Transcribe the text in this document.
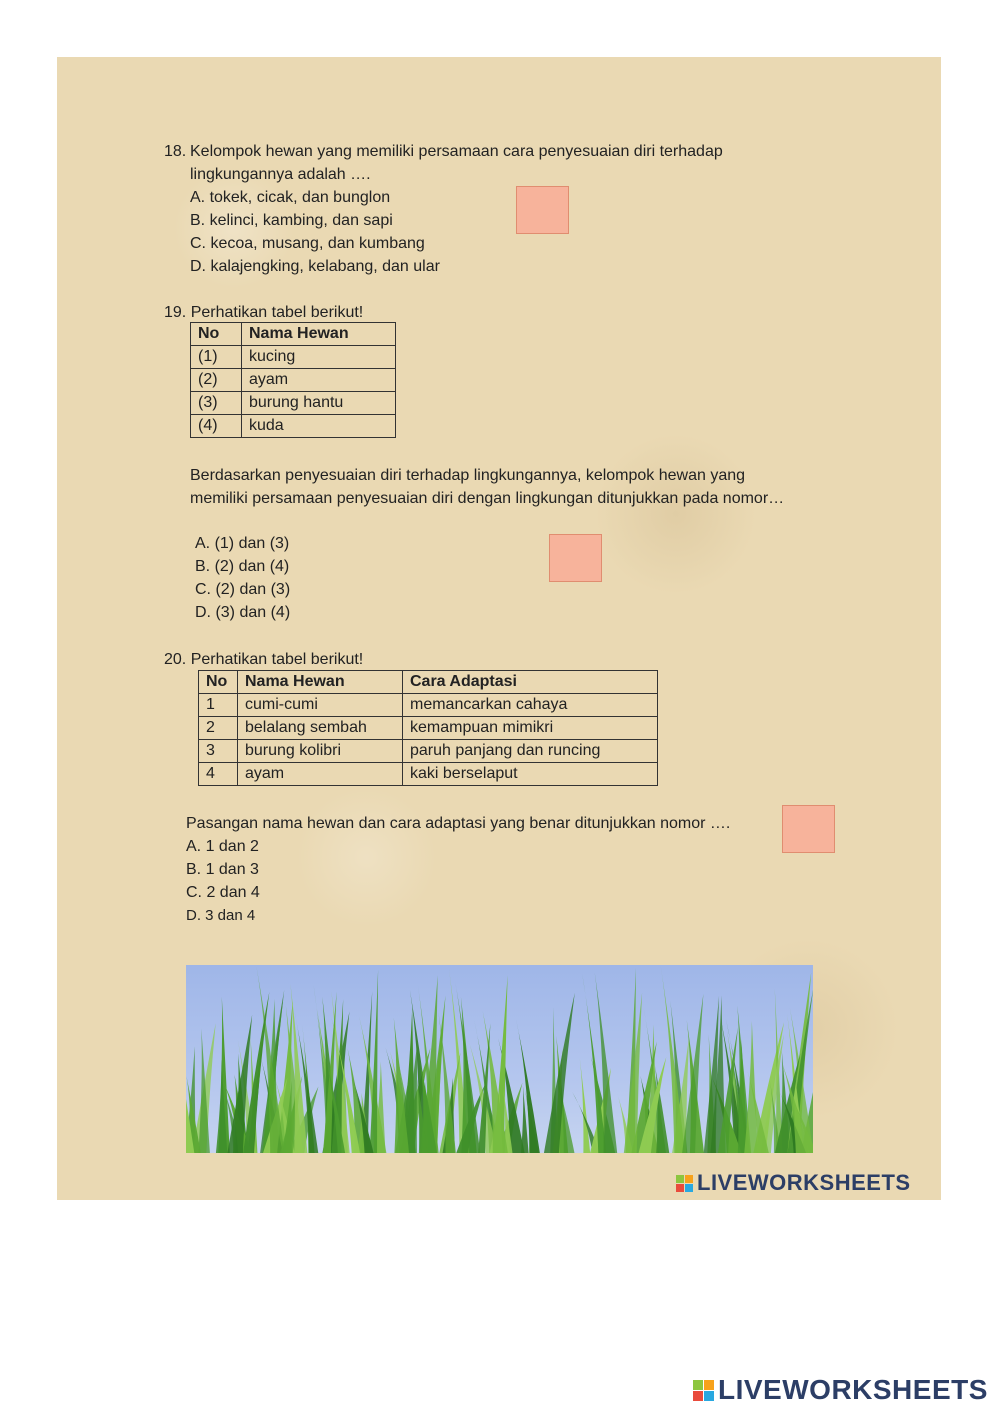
18. Kelompok hewan yang memiliki persamaan cara penyesuaian diri terhadap
lingkungannya adalah ….
A. tokek, cicak, dan bunglon
B. kelinci, kambing, dan sapi
C. kecoa, musang, dan kumbang
D. kalajengking, kelabang, dan ular
19. Perhatikan tabel berikut!
No	Nama Hewan
(1)	kucing
(2)	ayam
(3)	burung hantu
(4)	kuda
Berdasarkan penyesuaian diri terhadap lingkungannya, kelompok hewan yang
memiliki persamaan penyesuaian diri dengan lingkungan ditunjukkan pada nomor…
A. (1) dan (3)
B. (2) dan (4)
C. (2) dan (3)
D. (3) dan (4)
20. Perhatikan tabel berikut!
No	Nama Hewan	Cara Adaptasi
1	cumi-cumi	memancarkan cahaya
2	belalang sembah	kemampuan mimikri
3	burung kolibri	paruh panjang dan runcing
4	ayam	kaki berselaput
Pasangan nama hewan dan cara adaptasi yang benar ditunjukkan nomor ….
A. 1 dan 2
B. 1 dan 3
C. 2 dan 4
D. 3 dan 4
LIVEWORKSHEETS
LIVEWORKSHEETS
